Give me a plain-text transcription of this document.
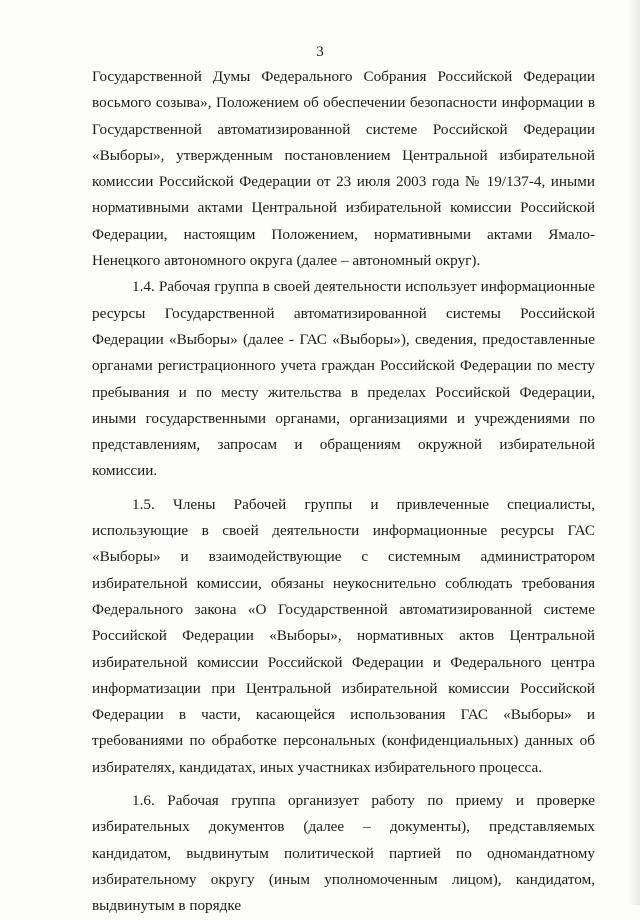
3

Государственной Думы Федерального Собрания Российской Федерации восьмого созыва», Положением об обеспечении безопасности информации в Государственной автоматизированной системе Российской Федерации «Выборы», утвержденным постановлением Центральной избирательной комиссии Российской Федерации от 23 июля 2003 года № 19/137-4, иными нормативными актами Центральной избирательной комиссии Российской Федерации, настоящим Положением, нормативными актами Ямало-Ненецкого автономного округа (далее – автономный округ).

1.4. Рабочая группа в своей деятельности использует информационные ресурсы Государственной автоматизированной системы Российской Федерации «Выборы» (далее - ГАС «Выборы»), сведения, предоставленные органами регистрационного учета граждан Российской Федерации по месту пребывания и по месту жительства в пределах Российской Федерации, иными государственными органами, организациями и учреждениями по представлениям, запросам и обращениям окружной избирательной комиссии.

1.5. Члены Рабочей группы и привлеченные специалисты, использующие в своей деятельности информационные ресурсы ГАС «Выборы» и взаимодействующие с системным администратором избирательной комиссии, обязаны неукоснительно соблюдать требования Федерального закона «О Государственной автоматизированной системе Российской Федерации «Выборы», нормативных актов Центральной избирательной комиссии Российской Федерации и Федерального центра информатизации при Центральной избирательной комиссии Российской Федерации в части, касающейся использования ГАС «Выборы» и требованиями по обработке персональных (конфиденциальных) данных об избирателях, кандидатах, иных участниках избирательного процесса.

1.6. Рабочая группа организует работу по приему и проверке избирательных документов (далее – документы), представляемых кандидатом, выдвинутым политической партией по одномандатному избирательному округу (иным уполномоченным лицом), кандидатом, выдвинутым в порядке
